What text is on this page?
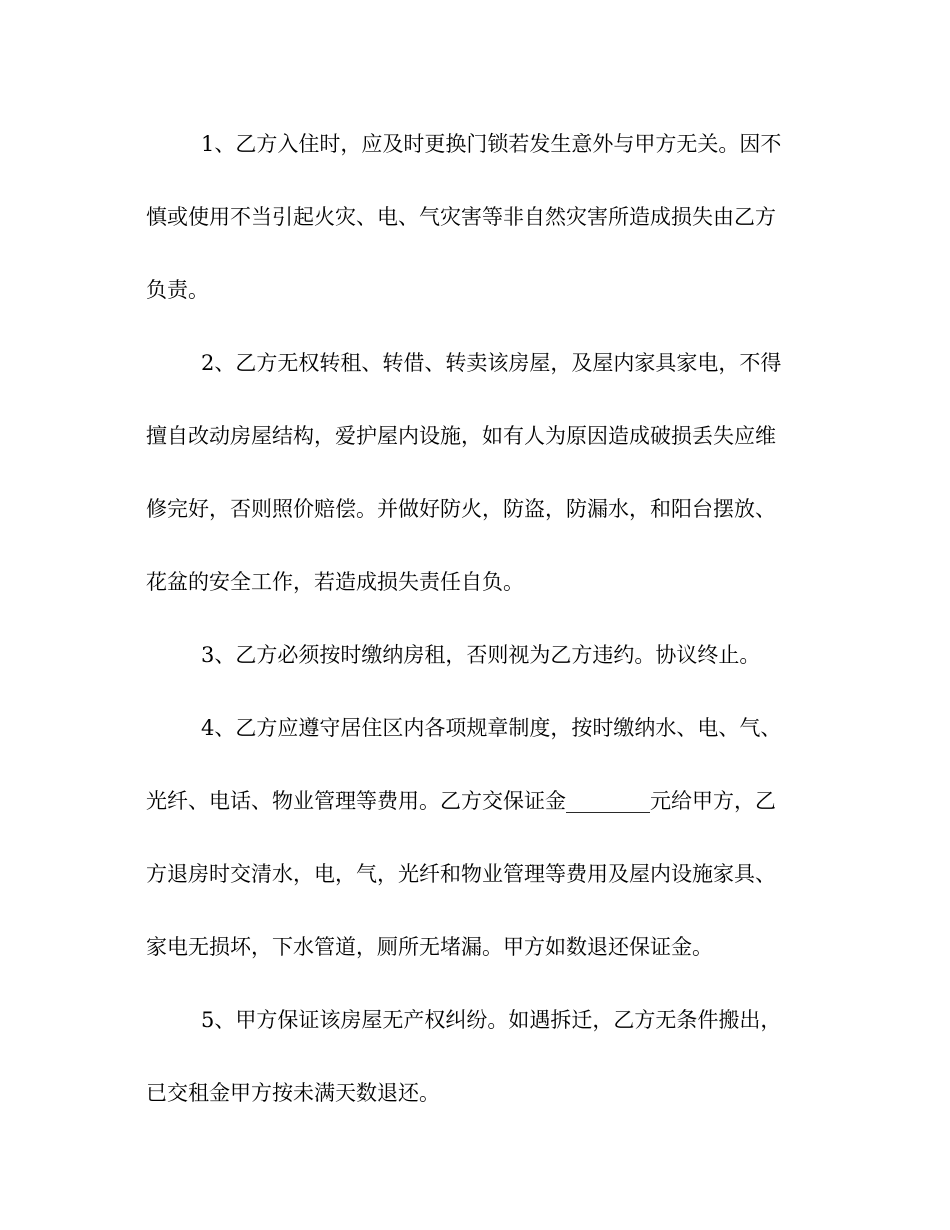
1、乙方入住时，应及时更换门锁若发生意外与甲方无关。因不
慎或使用不当引起火灾、电、气灾害等非自然灾害所造成损失由乙方
负责。
2、乙方无权转租、转借、转卖该房屋，及屋内家具家电，不得
擅自改动房屋结构，爱护屋内设施，如有人为原因造成破损丢失应维
修完好，否则照价赔偿。并做好防火，防盗，防漏水，和阳台摆放、
花盆的安全工作，若造成损失责任自负。
3、乙方必须按时缴纳房租，否则视为乙方违约。协议终止。
4、乙方应遵守居住区内各项规章制度，按时缴纳水、电、气、
光纤、电话、物业管理等费用。乙方交保证金________元给甲方，乙
方退房时交清水，电，气，光纤和物业管理等费用及屋内设施家具、
家电无损坏，下水管道，厕所无堵漏。甲方如数退还保证金。
5、甲方保证该房屋无产权纠纷。如遇拆迁，乙方无条件搬出，
已交租金甲方按未满天数退还。
